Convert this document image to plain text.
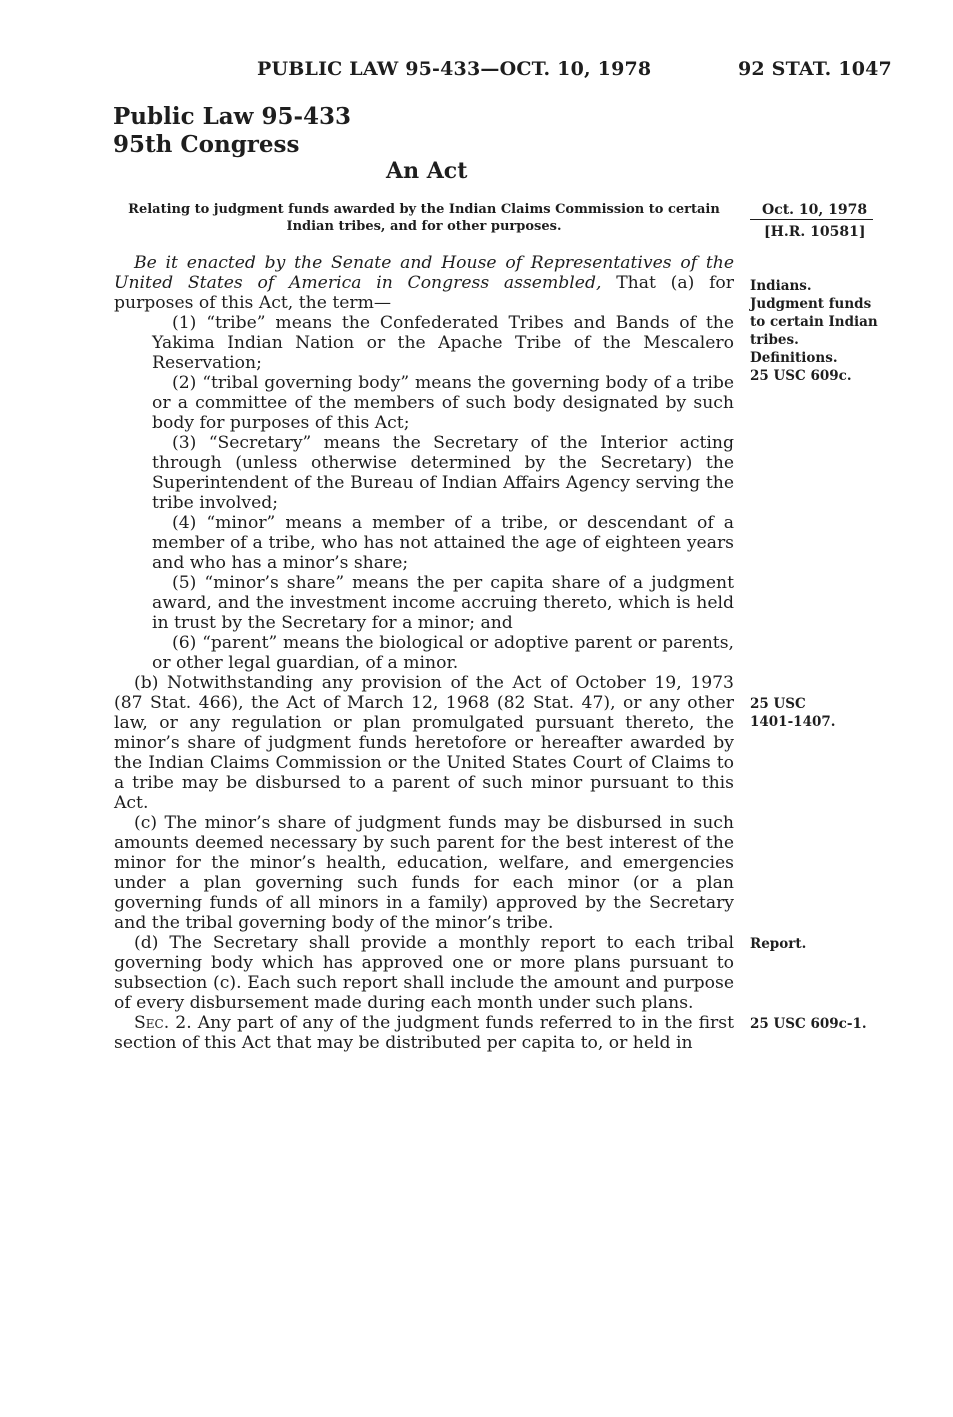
PUBLIC LAW 95-433—OCT. 10, 1978	92 STAT. 1047
Public Law 95-433
95th Congress
An Act
Relating to judgment funds awarded by the Indian Claims Commission to certain
Indian tribes, and for other purposes.
Oct. 10, 1978
[H.R. 10581]
Indians.
Judgment funds
to certain Indian
tribes.
Definitions.
25 USC 609c.
25 USC
1401-1407.
Report.
25 USC 609c-1.

Be it enacted by the Senate and House of Representatives of the United States of America in Congress assembled, That (a) for purposes of this Act, the term—

(1) “tribe” means the Confederated Tribes and Bands of the Yakima Indian Nation or the Apache Tribe of the Mescalero Reservation;

(2) “tribal governing body” means the governing body of a tribe or a committee of the members of such body designated by such body for purposes of this Act;

(3) “Secretary” means the Secretary of the Interior acting through (unless otherwise determined by the Secretary) the Superintendent of the Bureau of Indian Affairs Agency serving the tribe involved;

(4) “minor” means a member of a tribe, or descendant of a member of a tribe, who has not attained the age of eighteen years and who has a minor’s share;

(5) “minor’s share” means the per capita share of a judgment award, and the investment income accruing thereto, which is held in trust by the Secretary for a minor; and

(6) “parent” means the biological or adoptive parent or parents, or other legal guardian, of a minor.

(b) Notwithstanding any provision of the Act of October 19, 1973 (87 Stat. 466), the Act of March 12, 1968 (82 Stat. 47), or any other law, or any regulation or plan promulgated pursuant thereto, the minor’s share of judgment funds heretofore or hereafter awarded by the Indian Claims Commission or the United States Court of Claims to a tribe may be disbursed to a parent of such minor pursuant to this Act.

(c) The minor’s share of judgment funds may be disbursed in such amounts deemed necessary by such parent for the best interest of the minor for the minor’s health, education, welfare, and emergencies under a plan governing such funds for each minor (or a plan governing funds of all minors in a family) approved by the Secretary and the tribal governing body of the minor’s tribe.

(d) The Secretary shall provide a monthly report to each tribal governing body which has approved one or more plans pursuant to subsection (c). Each such report shall include the amount and purpose of every disbursement made during each month under such plans.

Sec. 2. Any part of any of the judgment funds referred to in the first section of this Act that may be distributed per capita to, or held in
